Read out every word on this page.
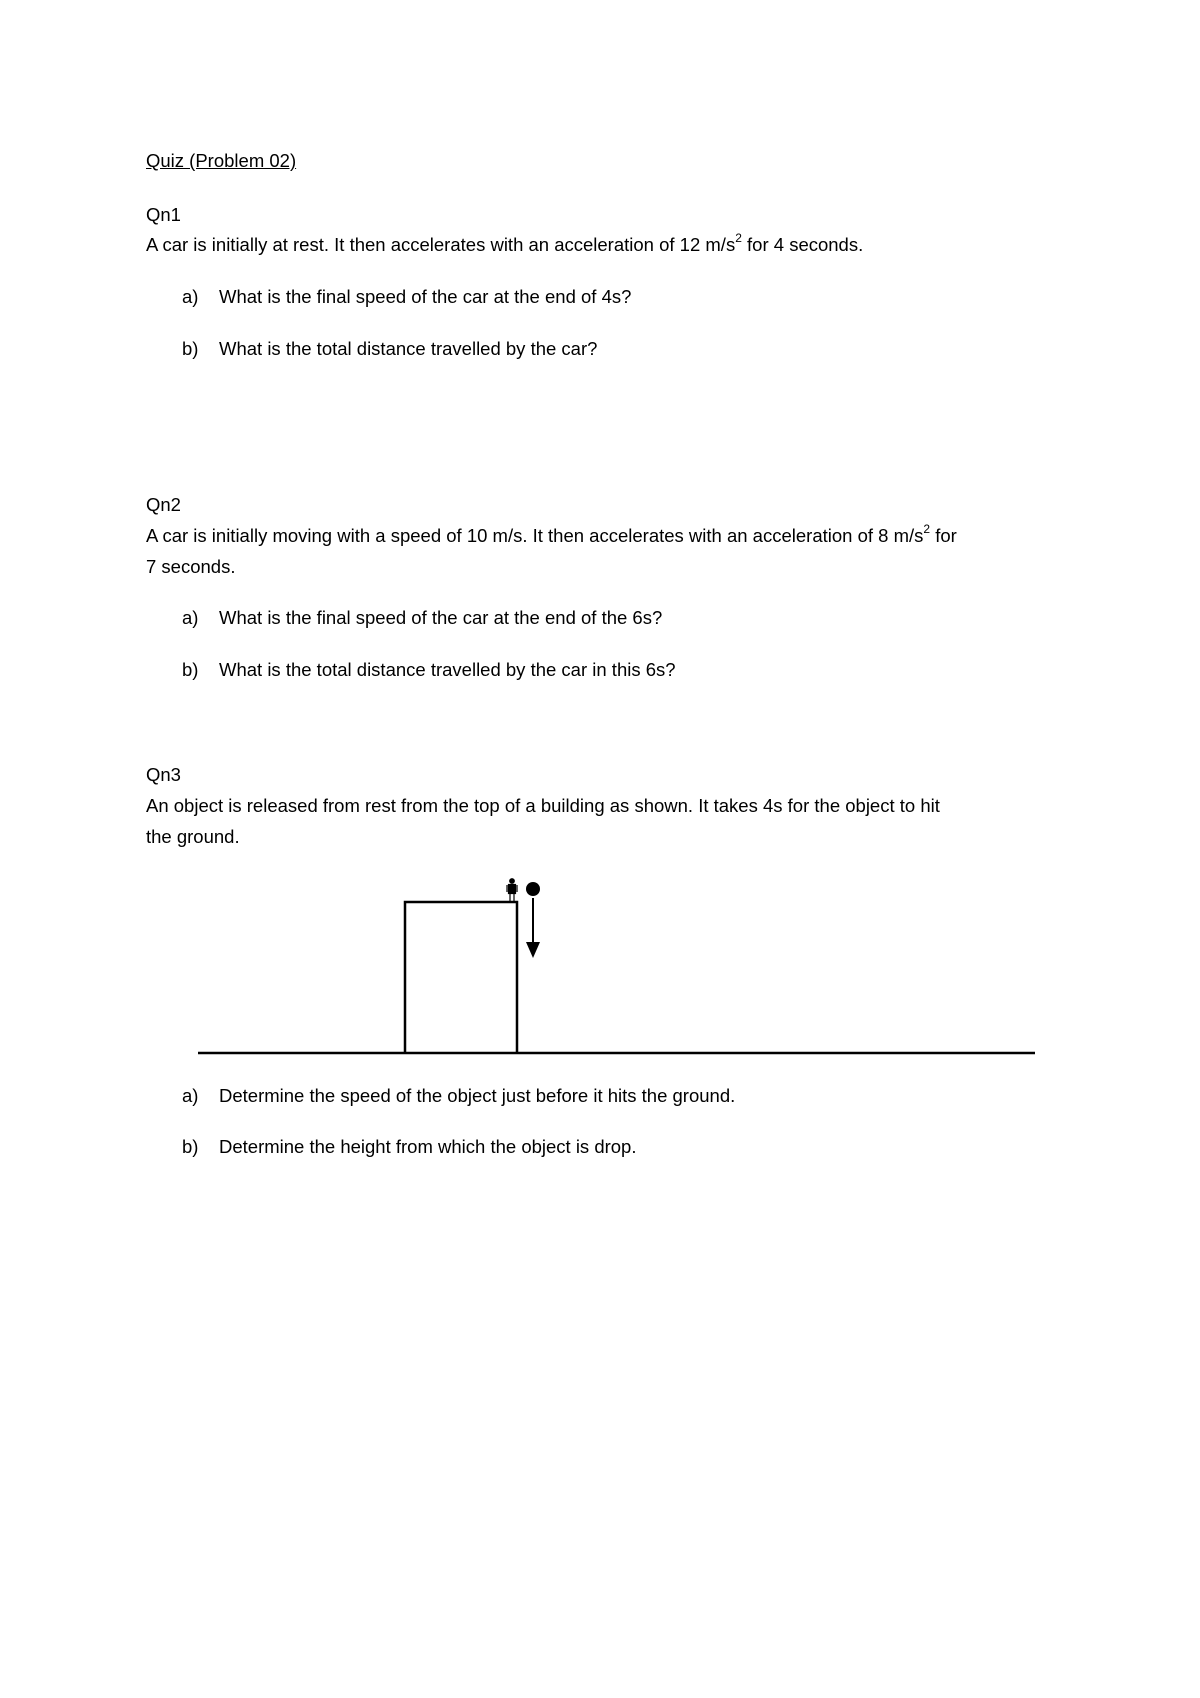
Quiz (Problem 02)
Qn1
A car is initially at rest. It then accelerates with an acceleration of 12 $m/s^2$ for 4 seconds.
a) What is the final speed of the car at the end of 4s?
b) What is the total distance travelled by the car?
Qn2
A car is initially moving with a speed of 10 m/s. It then accelerates with an acceleration of 8 $m/s^2$ for
7 seconds.
a) What is the final speed of the car at the end of the 6s?
b) What is the total distance travelled by the car in this 6s?
Qn3
An object is released from rest from the top of a building as shown. It takes 4s for the object to hit
the ground.
a) Determine the speed of the object just before it hits the ground.
b) Determine the height from which the object is drop.
